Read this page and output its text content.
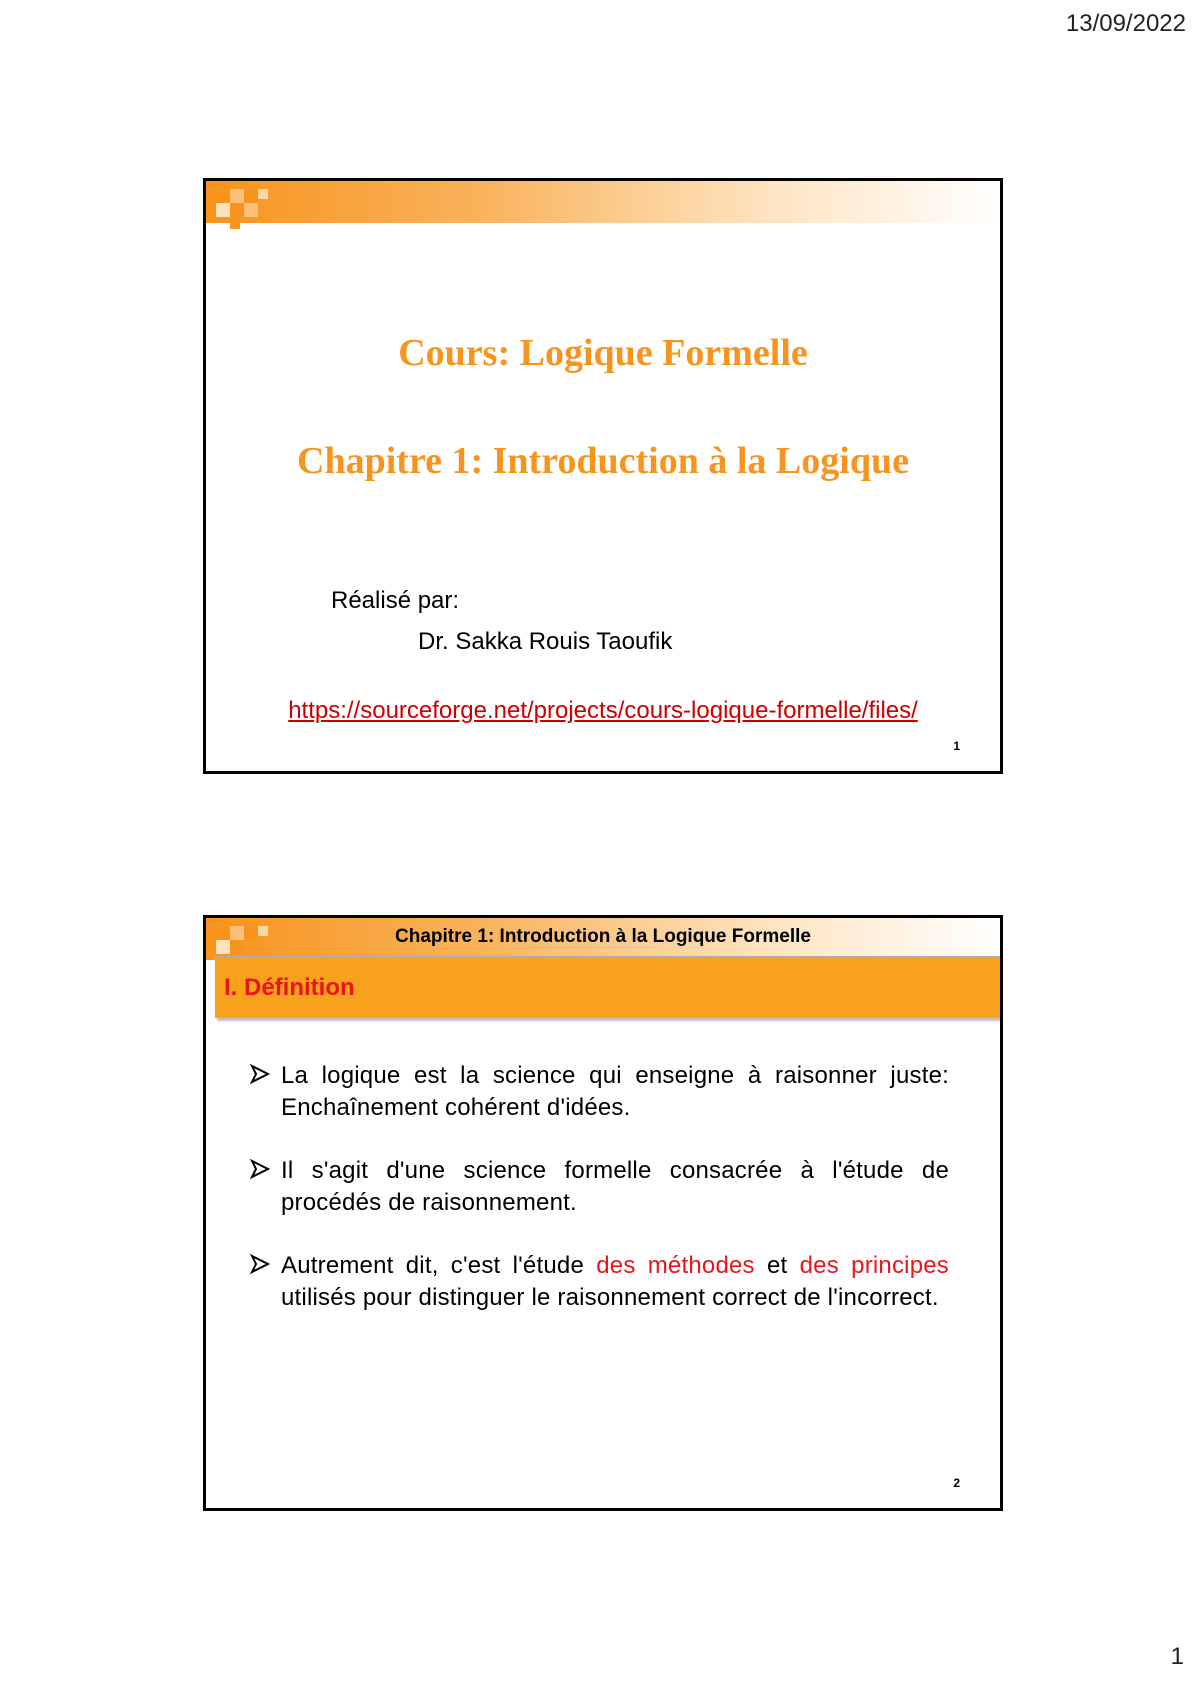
13/09/2022
Cours: Logique Formelle
Chapitre 1: Introduction à la Logique
Réalisé par:
Dr. Sakka Rouis Taoufik
https://sourceforge.net/projects/cours-logique-formelle/files/
1
Chapitre 1: Introduction à la Logique Formelle
I. Définition
La logique est la science qui enseigne à raisonner juste: Enchaînement cohérent d'idées.
Il s'agit d'une science formelle consacrée à l'étude de procédés de raisonnement.
Autrement dit, c'est l'étude des méthodes et des principes utilisés pour distinguer le raisonnement correct de l'incorrect.
2
1
